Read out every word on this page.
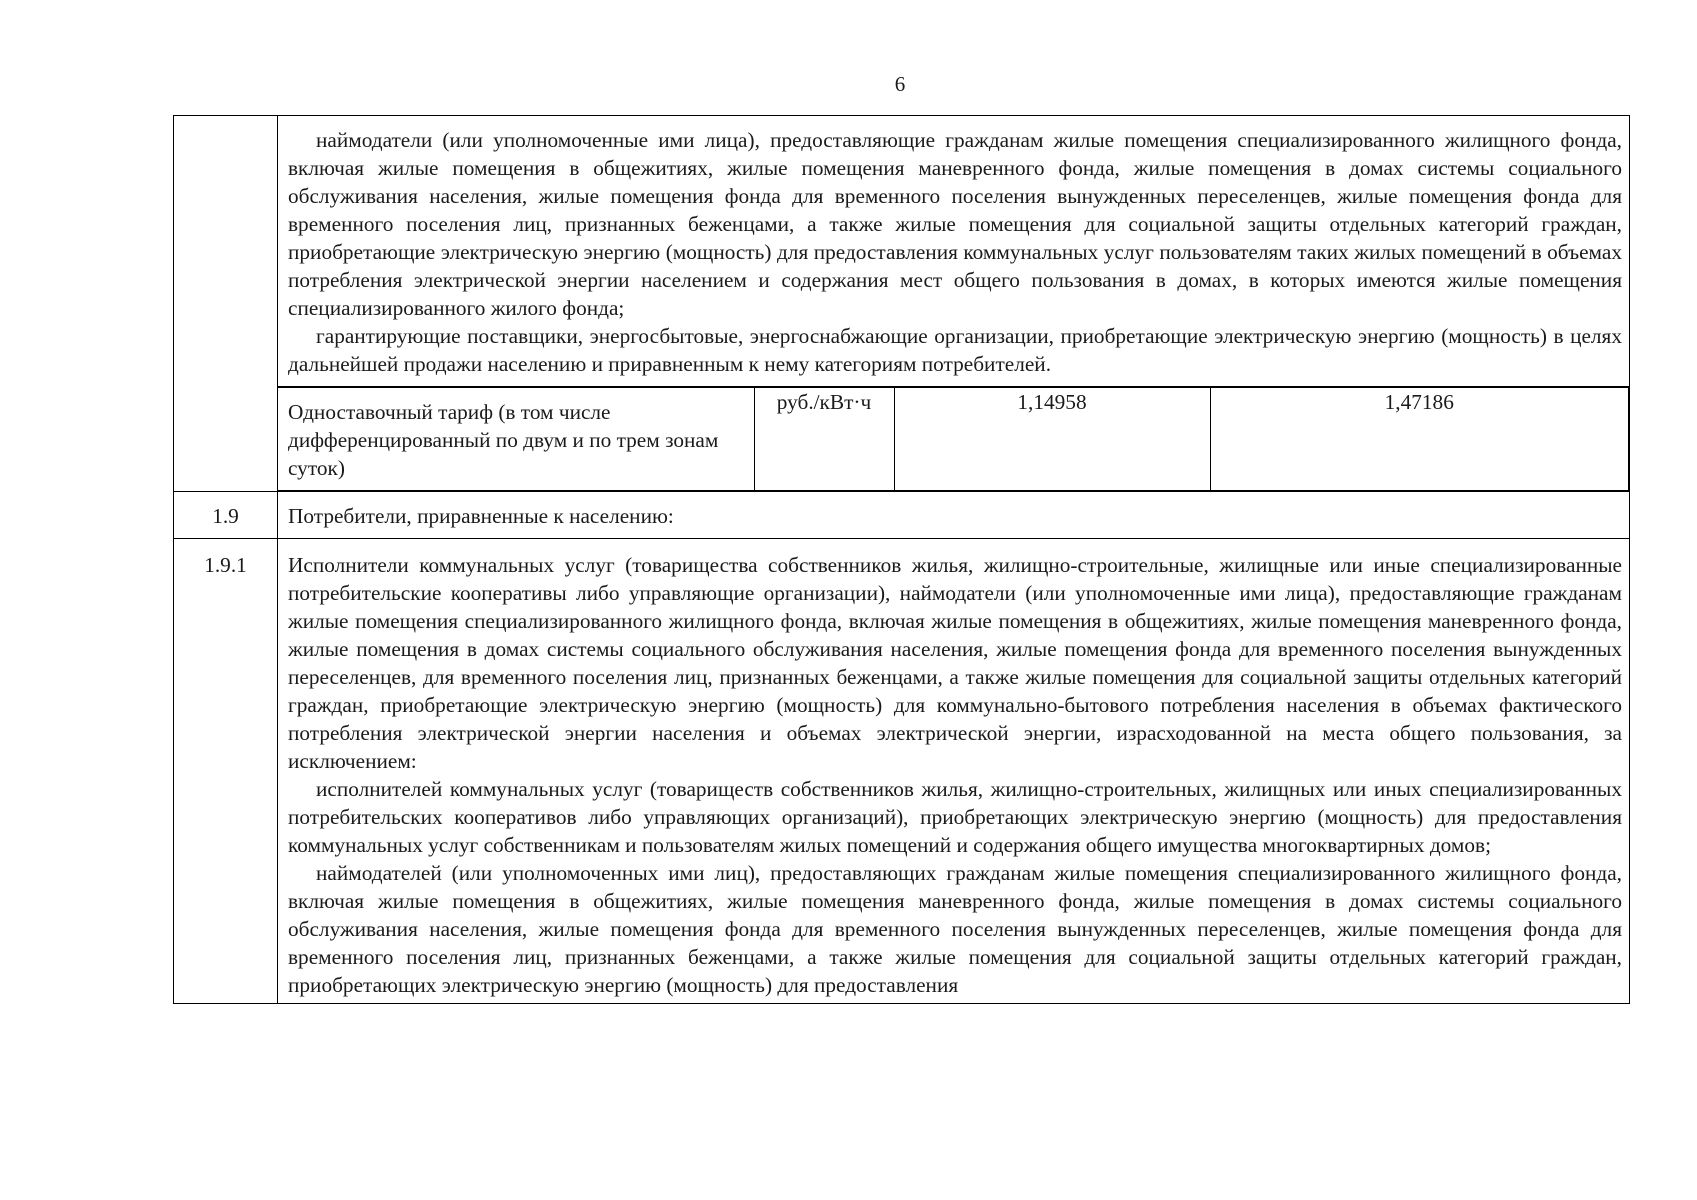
6

наймодатели (или уполномоченные ими лица), предоставляющие гражданам жилые помещения специализированного жилищного фонда, включая жилые помещения в общежитиях, жилые помещения маневренного фонда, жилые помещения в домах системы социального обслуживания населения, жилые помещения фонда для временного поселения вынужденных переселенцев, жилые помещения фонда для временного поселения лиц, признанных беженцами, а также жилые помещения для социальной защиты отдельных категорий граждан, приобретающие электрическую энергию (мощность) для предоставления коммунальных услуг пользователям таких жилых помещений в объемах потребления электрической энергии населением и содержания мест общего пользования в домах, в которых имеются жилые помещения специализированного жилого фонда;

гарантирующие поставщики, энергосбытовые, энергоснабжающие организации, приобретающие электрическую энергию (мощность) в целях дальнейшей продажи населению и приравненным к нему категориям потребителей.

Одноставочный тариф (в том числе дифференцированный по двум и по трем зонам суток)	руб./кВт·ч	1,14958	1,47186

1.9	Потребители, приравненные к населению:

1.9.1	Исполнители коммунальных услуг (товарищества собственников жилья, жилищно-строительные, жилищные или иные специализированные потребительские кооперативы либо управляющие организации), наймодатели (или уполномоченные ими лица), предоставляющие гражданам жилые помещения специализированного жилищного фонда, включая жилые помещения в общежитиях, жилые помещения маневренного фонда, жилые помещения в домах системы социального обслуживания населения, жилые помещения фонда для временного поселения вынужденных переселенцев, для временного поселения лиц, признанных беженцами, а также жилые помещения для социальной защиты отдельных категорий граждан, приобретающие электрическую энергию (мощность) для коммунально-бытового потребления населения в объемах фактического потребления электрической энергии населения и объемах электрической энергии, израсходованной на места общего пользования, за исключением:

исполнителей коммунальных услуг (товариществ собственников жилья, жилищно-строительных, жилищных или иных специализированных потребительских кооперативов либо управляющих организаций), приобретающих электрическую энергию (мощность) для предоставления коммунальных услуг собственникам и пользователям жилых помещений и содержания общего имущества многоквартирных домов;

наймодателей (или уполномоченных ими лиц), предоставляющих гражданам жилые помещения специализированного жилищного фонда, включая жилые помещения в общежитиях, жилые помещения маневренного фонда, жилые помещения в домах системы социального обслуживания населения, жилые помещения фонда для временного поселения вынужденных переселенцев, жилые помещения фонда для временного поселения лиц, признанных беженцами, а также жилые помещения для социальной защиты отдельных категорий граждан, приобретающих электрическую энергию (мощность) для предоставления
